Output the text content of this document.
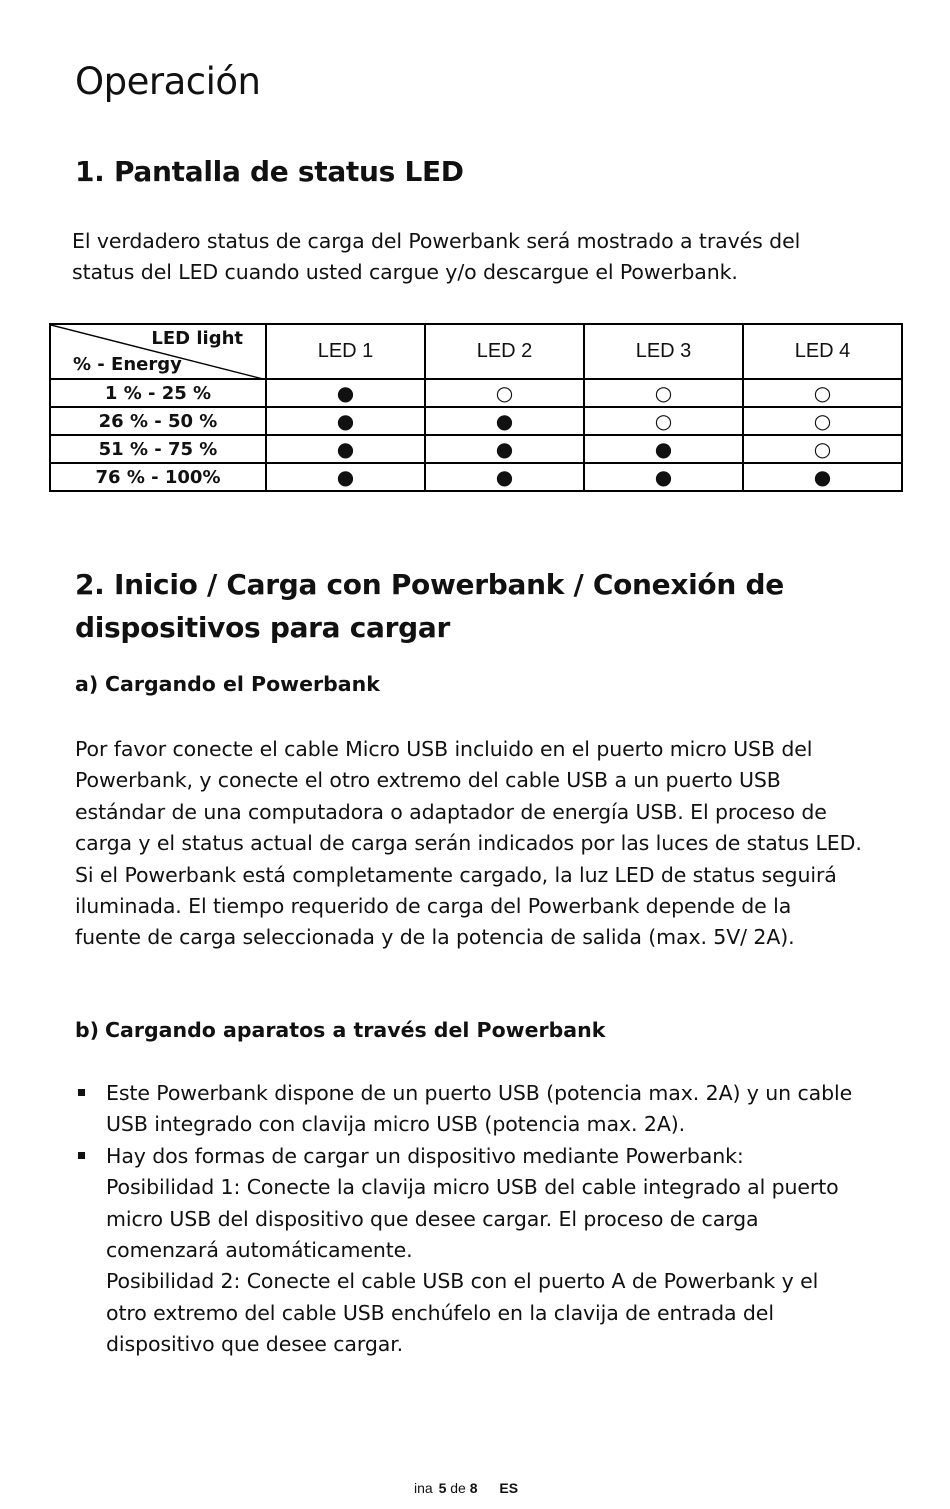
Operación
1. Pantalla de status LED
El verdadero status de carga del Powerbank será mostrado a través del
status del LED cuando usted cargue y/o descargue el Powerbank.
LED light
% - Energy	LED 1	LED 2	LED 3	LED 4
1 % - 25 %	●	○	○	○
26 % - 50 %	●	●	○	○
51 % - 75 %	●	●	●	○
76 % - 100%	●	●	●	●
2. Inicio / Carga con Powerbank / Conexión de
dispositivos para cargar
a) Cargando el Powerbank
Por favor conecte el cable Micro USB incluido en el puerto micro USB del
Powerbank, y conecte el otro extremo del cable USB a un puerto USB
estándar de una computadora o adaptador de energía USB. El proceso de
carga y el status actual de carga serán indicados por las luces de status LED.
Si el Powerbank está completamente cargado, la luz LED de status seguirá
iluminada. El tiempo requerido de carga del Powerbank depende de la
fuente de carga seleccionada y de la potencia de salida (max. 5V/ 2A).
b) Cargando aparatos a través del Powerbank
Este Powerbank dispone de un puerto USB (potencia max. 2A) y un cable
USB integrado con clavija micro USB (potencia max. 2A).
Hay dos formas de cargar un dispositivo mediante Powerbank:
Posibilidad 1: Conecte la clavija micro USB del cable integrado al puerto
micro USB del dispositivo que desee cargar. El proceso de carga
comenzará automáticamente.
Posibilidad 2: Conecte el cable USB con el puerto A de Powerbank y el
otro extremo del cable USB enchúfelo en la clavija de entrada del
dispositivo que desee cargar.
ina 5 de 8 ES
